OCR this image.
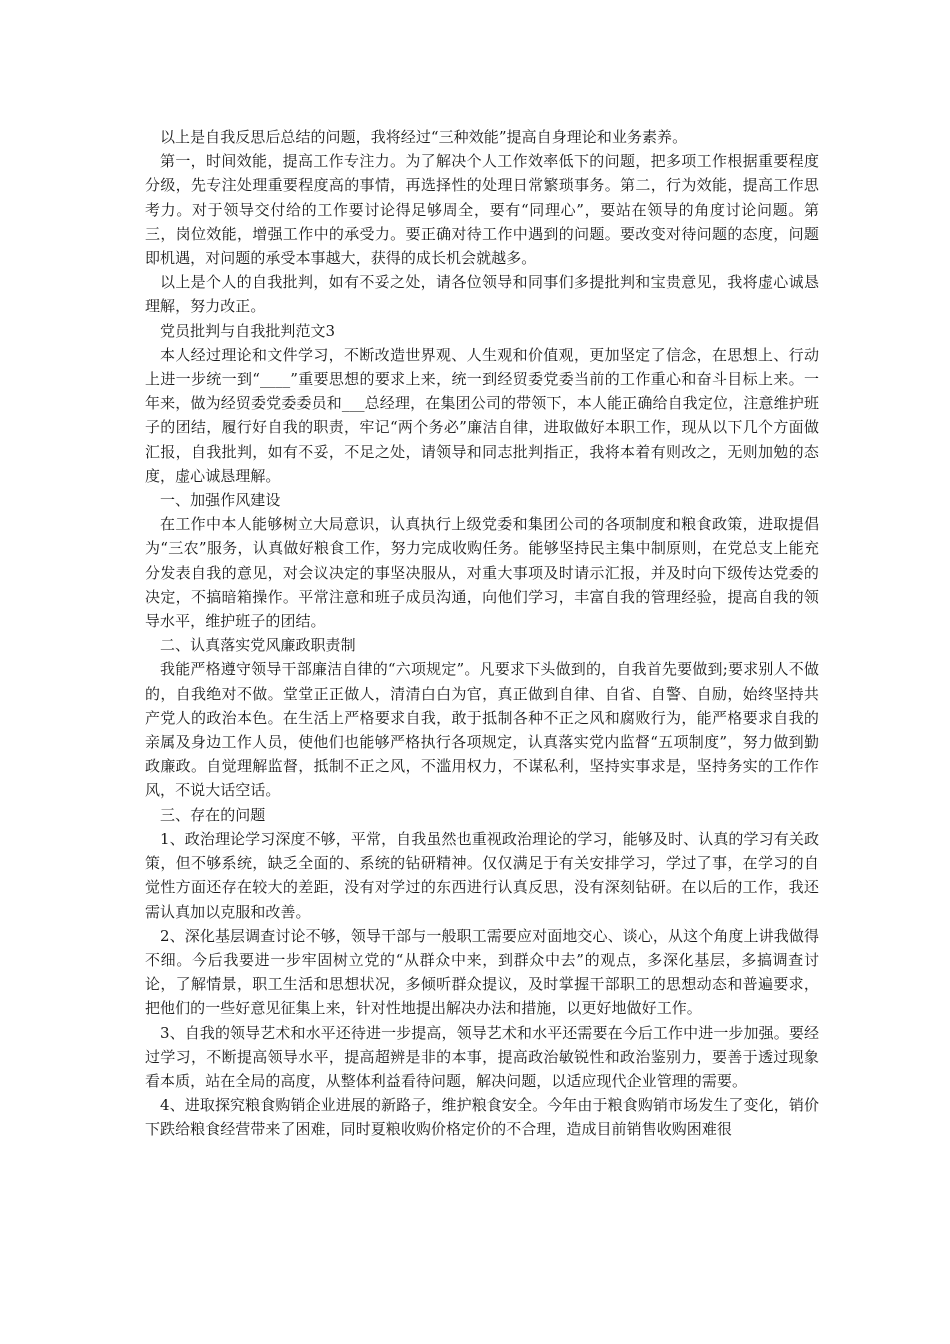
以上是自我反思后总结的问题，我将经过“三种效能”提高自身理论和业务素养。

第一，时间效能，提高工作专注力。为了解决个人工作效率低下的问题，把多项工作根据重要程度分级，先专注处理重要程度高的事情，再选择性的处理日常繁琐事务。第二，行为效能，提高工作思考力。对于领导交付给的工作要讨论得足够周全，要有“同理心”，要站在领导的角度讨论问题。第三，岗位效能，增强工作中的承受力。要正确对待工作中遇到的问题。要改变对待问题的态度，问题即机遇，对问题的承受本事越大，获得的成长机会就越多。

以上是个人的自我批判，如有不妥之处，请各位领导和同事们多提批判和宝贵意见，我将虚心诚恳理解，努力改正。

党员批判与自我批判范文3

本人经过理论和文件学习，不断改造世界观、人生观和价值观，更加坚定了信念，在思想上、行动上进一步统一到“____”重要思想的要求上来，统一到经贸委党委当前的工作重心和奋斗目标上来。一年来，做为经贸委党委委员和___总经理，在集团公司的带领下，本人能正确给自我定位，注意维护班子的团结，履行好自我的职责，牢记“两个务必”廉洁自律，进取做好本职工作，现从以下几个方面做汇报，自我批判，如有不妥，不足之处，请领导和同志批判指正，我将本着有则改之，无则加勉的态度，虚心诚恳理解。

一、加强作风建设

在工作中本人能够树立大局意识，认真执行上级党委和集团公司的各项制度和粮食政策，进取提倡为“三农”服务，认真做好粮食工作，努力完成收购任务。能够坚持民主集中制原则，在党总支上能充分发表自我的意见，对会议决定的事坚决服从，对重大事项及时请示汇报，并及时向下级传达党委的决定，不搞暗箱操作。平常注意和班子成员沟通，向他们学习，丰富自我的管理经验，提高自我的领导水平，维护班子的团结。

二、认真落实党风廉政职责制

我能严格遵守领导干部廉洁自律的“六项规定”。凡要求下头做到的，自我首先要做到;要求别人不做的，自我绝对不做。堂堂正正做人，清清白白为官，真正做到自律、自省、自警、自励，始终坚持共产党人的政治本色。在生活上严格要求自我，敢于抵制各种不正之风和腐败行为，能严格要求自我的亲属及身边工作人员，使他们也能够严格执行各项规定，认真落实党内监督“五项制度”，努力做到勤政廉政。自觉理解监督，抵制不正之风，不滥用权力，不谋私利，坚持实事求是，坚持务实的工作作风，不说大话空话。

三、存在的问题

1、政治理论学习深度不够，平常，自我虽然也重视政治理论的学习，能够及时、认真的学习有关政策，但不够系统，缺乏全面的、系统的钻研精神。仅仅满足于有关安排学习，学过了事，在学习的自觉性方面还存在较大的差距，没有对学过的东西进行认真反思，没有深刻钻研。在以后的工作，我还需认真加以克服和改善。

2、深化基层调查讨论不够，领导干部与一般职工需要应对面地交心、谈心，从这个角度上讲我做得不细。今后我要进一步牢固树立党的“从群众中来，到群众中去”的观点，多深化基层，多搞调查讨论，了解情景，职工生活和思想状况，多倾听群众提议，及时掌握干部职工的思想动态和普遍要求，把他们的一些好意见征集上来，针对性地提出解决办法和措施，以更好地做好工作。

3、自我的领导艺术和水平还待进一步提高，领导艺术和水平还需要在今后工作中进一步加强。要经过学习，不断提高领导水平，提高超辨是非的本事，提高政治敏锐性和政治鉴别力，要善于透过现象看本质，站在全局的高度，从整体利益看待问题，解决问题，以适应现代企业管理的需要。

4、进取探究粮食购销企业进展的新路子，维护粮食安全。今年由于粮食购销市场发生了变化，销价下跌给粮食经营带来了困难，同时夏粮收购价格定价的不合理，造成目前销售收购困难很
